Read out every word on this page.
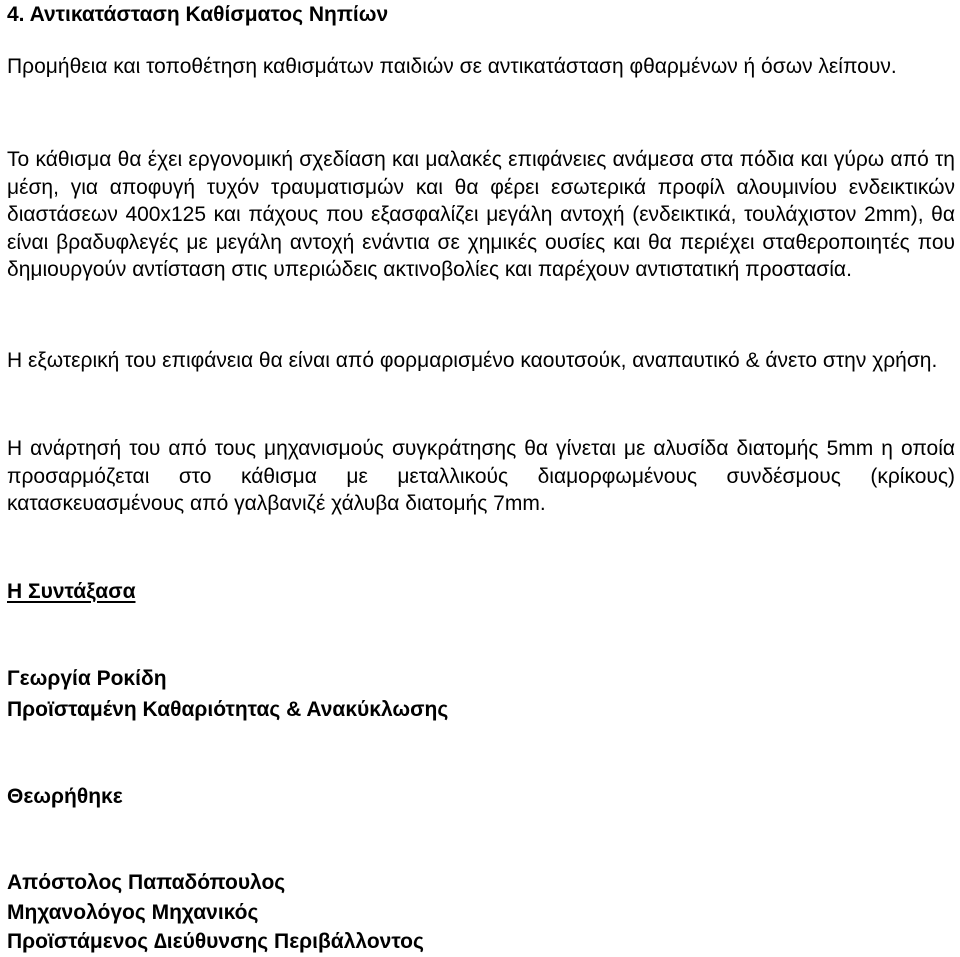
4. Αντικατάσταση Καθίσματος Νηπίων
Προμήθεια και τοποθέτηση καθισμάτων παιδιών σε αντικατάσταση φθαρμένων ή όσων λείπουν.
Το κάθισμα θα έχει εργονομική σχεδίαση και μαλακές επιφάνειες ανάμεσα στα πόδια και γύρω από τη μέση, για αποφυγή τυχόν τραυματισμών και θα φέρει εσωτερικά προφίλ αλουμινίου ενδεικτικών διαστάσεων 400x125 και πάχους που εξασφαλίζει μεγάλη αντοχή (ενδεικτικά, τουλάχιστον 2mm), θα είναι βραδυφλεγές με μεγάλη αντοχή ενάντια σε χημικές ουσίες και θα περιέχει σταθεροποιητές που δημιουργούν αντίσταση στις υπεριώδεις ακτινοβολίες και παρέχουν αντιστατική προστασία.
Η εξωτερική του επιφάνεια θα είναι από φορμαρισμένο καουτσούκ, αναπαυτικό & άνετο στην χρήση.
Η ανάρτησή του από τους μηχανισμούς συγκράτησης θα γίνεται με αλυσίδα διατομής 5mm η οποία προσαρμόζεται στο κάθισμα με μεταλλικούς διαμορφωμένους συνδέσμους (κρίκους) κατασκευασμένους από γαλβανιζέ χάλυβα διατομής 7mm.
Η Συντάξασα
Γεωργία Ροκίδη
Προϊσταμένη Καθαριότητας & Ανακύκλωσης
Θεωρήθηκε
Απόστολος Παπαδόπουλος
Μηχανολόγος Μηχανικός
Προϊστάμενος ∆ιεύθυνσης Περιβάλλοντος
